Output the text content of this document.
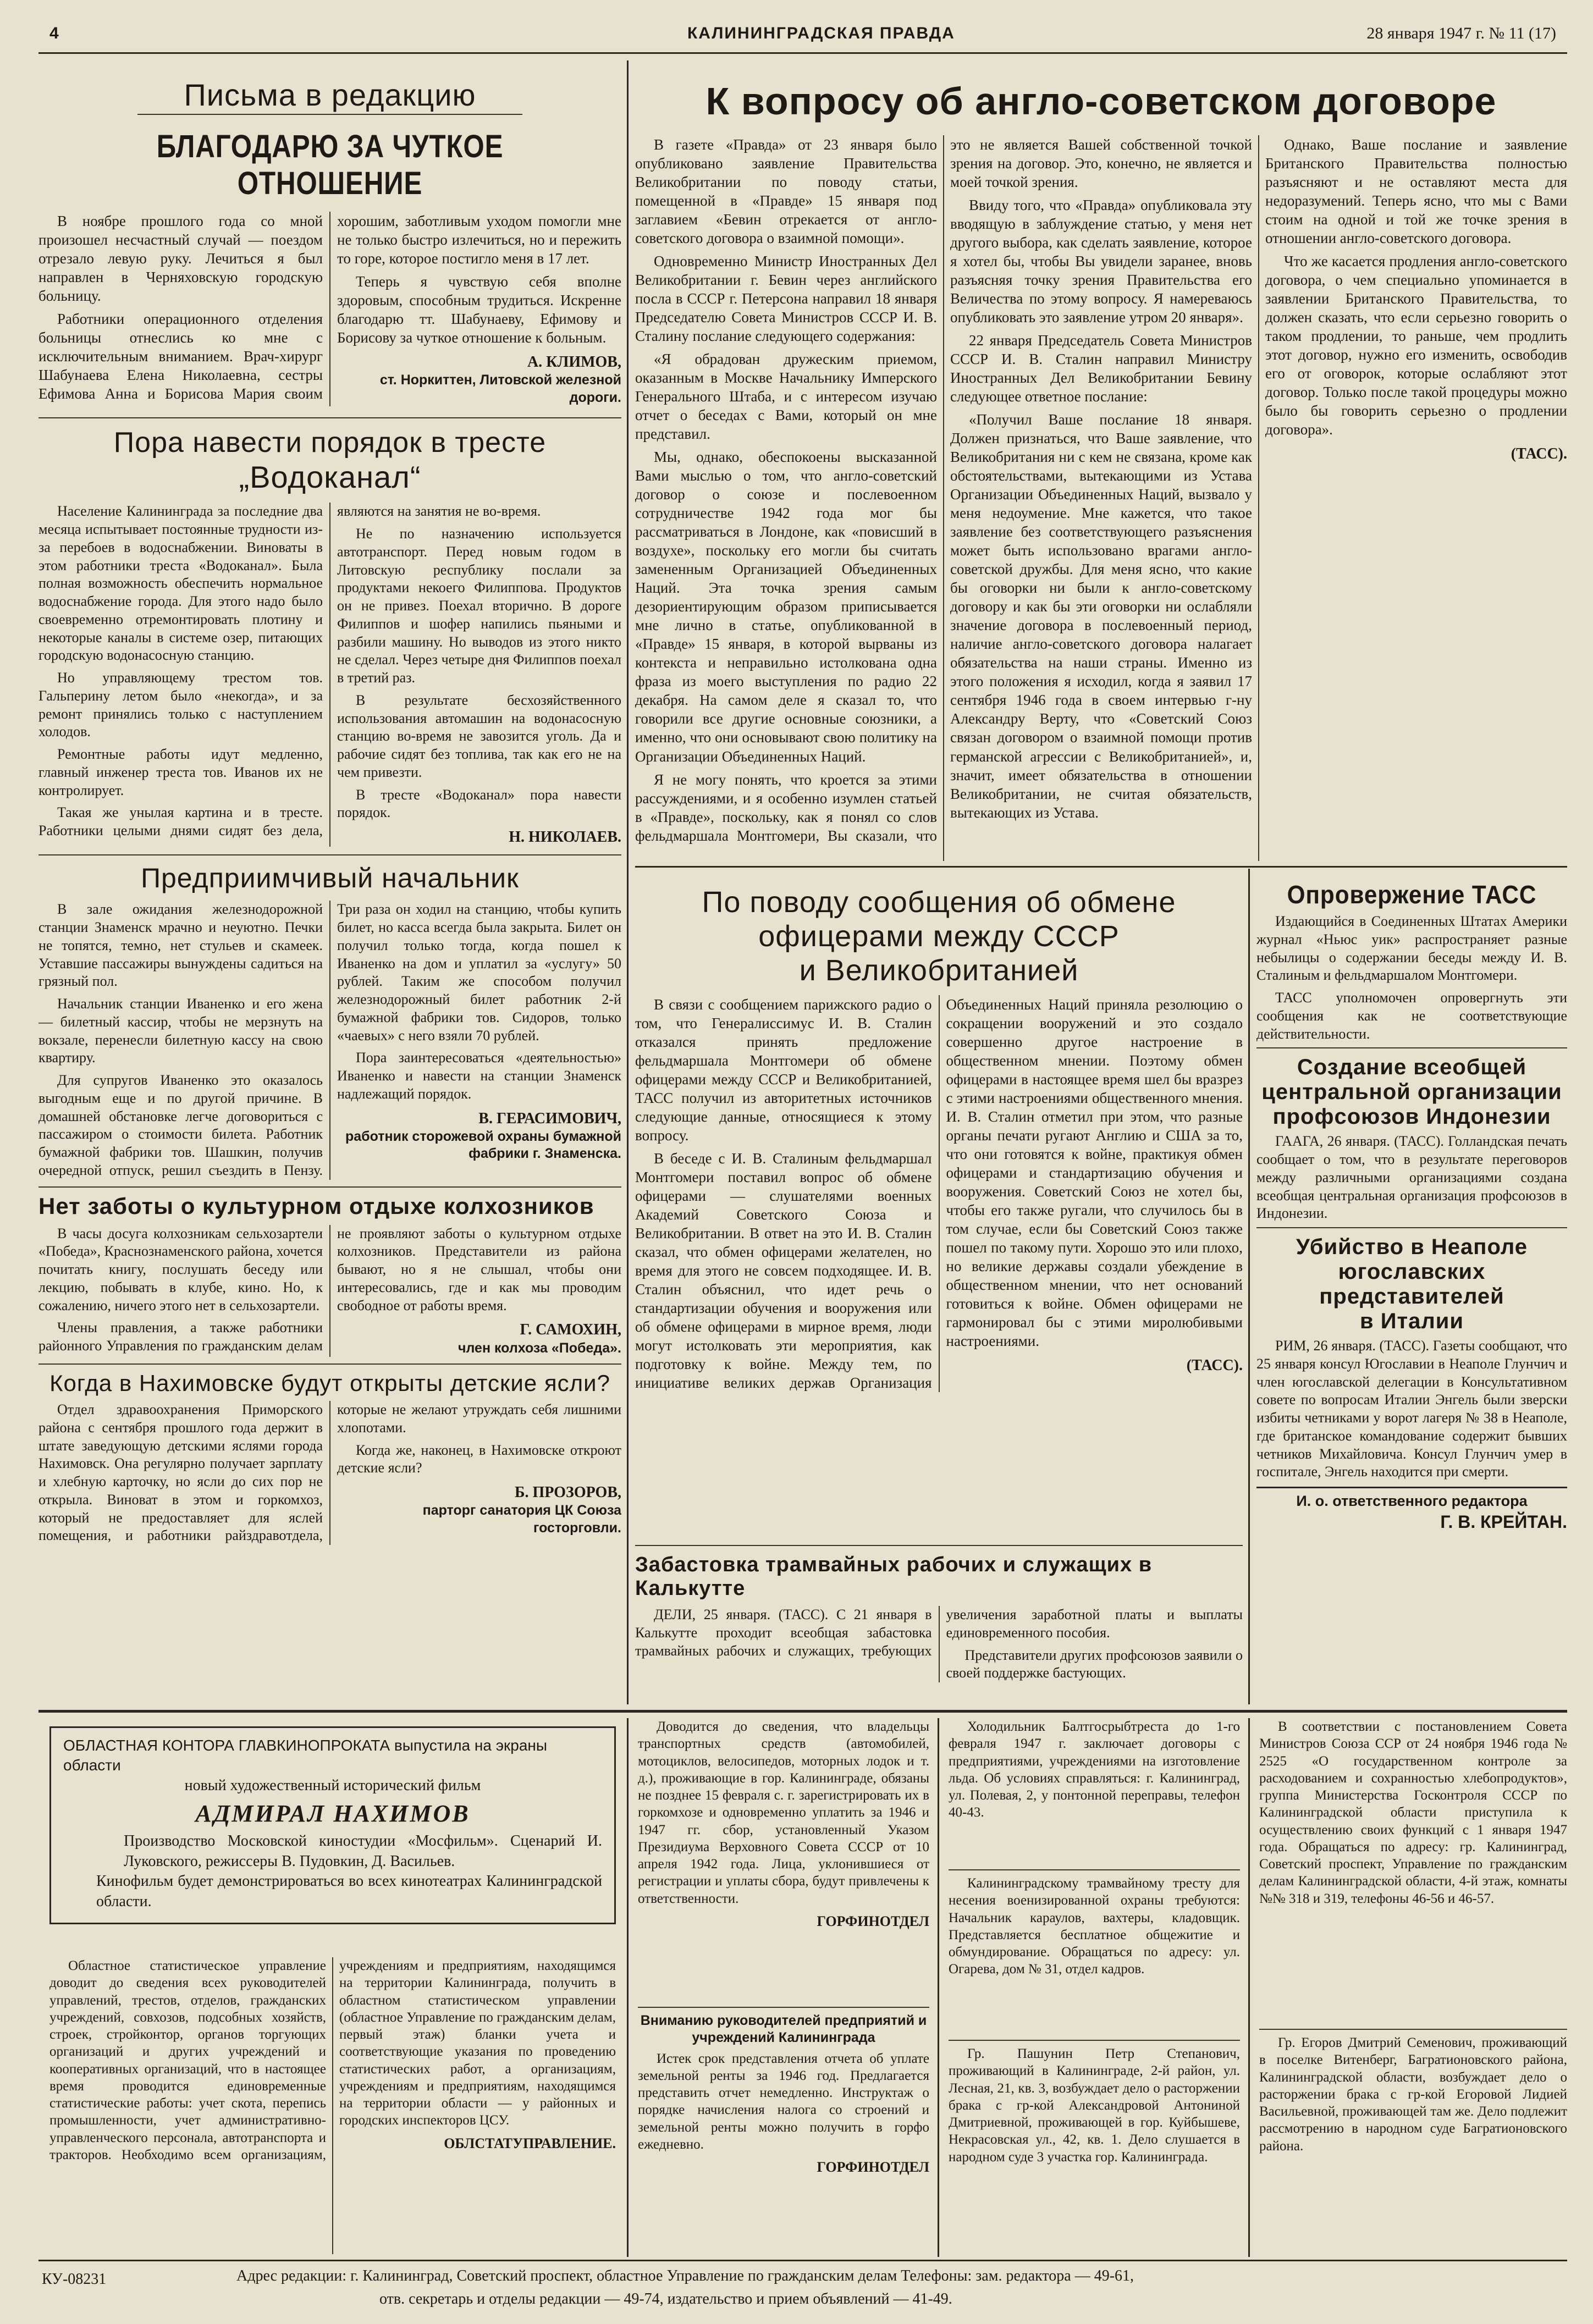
4	КАЛИНИНГРАДСКАЯ ПРАВДА	28 января 1947 г. № 11 (17)
Письма в редакцию
БЛАГОДАРЮ ЗА ЧУТКОЕ ОТНОШЕНИЕ

В ноябре прошлого года со мной произошел несчастный случай — поездом отрезало левую руку. Лечиться я был направлен в Черняховскую городскую больницу.

Работники операционного отделения больницы отнеслись ко мне с исключительным вниманием. Врач-хирург Шабунаева Елена Николаевна, сестры Ефимова Анна и Борисова Мария своим хорошим, заботливым уходом помогли мне не только быстро излечиться, но и пережить то горе, которое постигло меня в 17 лет.

Теперь я чувствую себя вполне здоровым, способным трудиться. Искренне благодарю тт. Шабунаеву, Ефимову и Борисову за чуткое отношение к больным.

А. КЛИМОВ,
ст. Норкиттен, Литовской железной дороги.
Пора навести порядок в тресте
„Водоканал“

Население Калининграда за последние два месяца испытывает постоянные трудности из-за перебоев в водоснабжении. Виноваты в этом работники треста «Водоканал». Была полная возможность обеспечить нормальное водоснабжение города. Для этого надо было своевременно отремонтировать плотину и некоторые каналы в системе озер, питающих городскую водонасосную станцию.

Но управляющему трестом тов. Гальперину летом было «некогда», и за ремонт принялись только с наступлением холодов.

Ремонтные работы идут медленно, главный инженер треста тов. Иванов их не контролирует.

Такая же унылая картина и в тресте. Работники целыми днями сидят без дела, являются на занятия не во-время.

Не по назначению используется автотранспорт. Перед новым годом в Литовскую республику послали за продуктами некоего Филиппова. Продуктов он не привез. Поехал вторично. В дороге Филиппов и шофер напились пьяными и разбили машину. Но выводов из этого никто не сделал. Через четыре дня Филиппов поехал в третий раз.

В результате бесхозяйственного использования автомашин на водонасосную станцию во-время не завозится уголь. Да и рабочие сидят без топлива, так как его не на чем привезти.

В тресте «Водоканал» пора навести порядок.

Н. НИКОЛАЕВ.
Предприимчивый начальник

В зале ожидания железнодорожной станции Знаменск мрачно и неуютно. Печки не топятся, темно, нет стульев и скамеек. Уставшие пассажиры вынуждены садиться на грязный пол.

Начальник станции Иваненко и его жена — билетный кассир, чтобы не мерзнуть на вокзале, перенесли билетную кассу на свою квартиру.

Для супругов Иваненко это оказалось выгодным еще и по другой причине. В домашней обстановке легче договориться с пассажиром о стоимости билета. Работник бумажной фабрики тов. Шашкин, получив очередной отпуск, решил съездить в Пензу. Три раза он ходил на станцию, чтобы купить билет, но касса всегда была закрыта. Билет он получил только тогда, когда пошел к Иваненко на дом и уплатил за «услугу» 50 рублей. Таким же способом получил железнодорожный билет работник 2-й бумажной фабрики тов. Сидоров, только «чаевых» с него взяли 70 рублей.

Пора заинтересоваться «деятельностью» Иваненко и навести на станции Знаменск надлежащий порядок.

В. ГЕРАСИМОВИЧ,
работник сторожевой охраны бумажной фабрики г. Знаменска.
Нет заботы о культурном отдыхе колхозников

В часы досуга колхозникам сельхозартели «Победа», Краснознаменского района, хочется почитать книгу, послушать беседу или лекцию, побывать в клубе, кино. Но, к сожалению, ничего этого нет в сельхозартели.

Члены правления, а также работники районного Управления по гражданским делам не проявляют заботы о культурном отдыхе колхозников. Представители из района бывают, но я не слышал, чтобы они интересовались, где и как мы проводим свободное от работы время.

Г. САМОХИН,
член колхоза «Победа».
Когда в Нахимовске будут открыты детские ясли?

Отдел здравоохранения Приморского района с сентября прошлого года держит в штате заведующую детскими яслями города Нахимовск. Она регулярно получает зарплату и хлебную карточку, но ясли до сих пор не открыла. Виноват в этом и горкомхоз, который не предоставляет для яслей помещения, и работники райздравотдела, которые не желают утруждать себя лишними хлопотами.

Когда же, наконец, в Нахимовске откроют детские ясли?

Б. ПРОЗОРОВ,
парторг санатория ЦК Союза госторговли.
К вопросу об англо-советском договоре

В газете «Правда» от 23 января было опубликовано заявление Правительства Великобритании по поводу статьи, помещенной в «Правде» 15 января под заглавием «Бевин отрекается от англо-советского договора о взаимной помощи».

Одновременно Министр Иностранных Дел Великобритании г. Бевин через английского посла в СССР г. Петерсона направил 18 января Председателю Совета Министров СССР И. В. Сталину послание следующего содержания:

«Я обрадован дружеским приемом, оказанным в Москве Начальнику Имперского Генерального Штаба, и с интересом изучаю отчет о беседах с Вами, который он мне представил.

Мы, однако, обеспокоены высказанной Вами мыслью о том, что англо-советский договор о союзе и послевоенном сотрудничестве 1942 года мог бы рассматриваться в Лондоне, как «повисший в воздухе», поскольку его могли бы считать замененным Организацией Объединенных Наций. Эта точка зрения самым дезориентирующим образом приписывается мне лично в статье, опубликованной в «Правде» 15 января, в которой вырваны из контекста и неправильно истолкована одна фраза из моего выступления по радио 22 декабря. На самом деле я сказал то, что говорили все другие основные союзники, а именно, что они основывают свою политику на Организации Объединенных Наций.

Я не могу понять, что кроется за этими рассуждениями, и я особенно изумлен статьей в «Правде», поскольку, как я понял со слов фельдмаршала Монтгомери, Вы сказали, что это не является Вашей собственной точкой зрения на договор. Это, конечно, не является и моей точкой зрения.

Ввиду того, что «Правда» опубликовала эту вводящую в заблуждение статью, у меня нет другого выбора, как сделать заявление, которое я хотел бы, чтобы Вы увидели заранее, вновь разъясняя точку зрения Правительства его Величества по этому вопросу. Я намереваюсь опубликовать это заявление утром 20 января».

22 января Председатель Совета Министров СССР И. В. Сталин направил Министру Иностранных Дел Великобритании Бевину следующее ответное послание:

«Получил Ваше послание 18 января. Должен признаться, что Ваше заявление, что Великобритания ни с кем не связана, кроме как обстоятельствами, вытекающими из Устава Организации Объединенных Наций, вызвало у меня недоумение. Мне кажется, что такое заявление без соответствующего разъяснения может быть использовано врагами англо-советской дружбы. Для меня ясно, что какие бы оговорки ни были к англо-советскому договору и как бы эти оговорки ни ослабляли значение договора в послевоенный период, наличие англо-советского договора налагает обязательства на наши страны. Именно из этого положения я исходил, когда я заявил 17 сентября 1946 года в своем интервью г-ну Александру Верту, что «Советский Союз связан договором о взаимной помощи против германской агрессии с Великобританией», и, значит, имеет обязательства в отношении Великобритании, не считая обязательств, вытекающих из Устава.

Однако, Ваше послание и заявление Британского Правительства полностью разъясняют и не оставляют места для недоразумений. Теперь ясно, что мы с Вами стоим на одной и той же точке зрения в отношении англо-советского договора.

Что же касается продления англо-советского договора, о чем специально упоминается в заявлении Британского Правительства, то должен сказать, что если серьезно говорить о таком продлении, то раньше, чем продлить этот договор, нужно его изменить, освободив его от оговорок, которые ослабляют этот договор. Только после такой процедуры можно было бы говорить серьезно о продлении договора».

(ТАСС).
По поводу сообщения об обмене
офицерами между СССР
и Великобританией

В связи с сообщением парижского радио о том, что Генералиссимус И. В. Сталин отказался принять предложение фельдмаршала Монтгомери об обмене офицерами между СССР и Великобританией, ТАСС получил из авторитетных источников следующие данные, относящиеся к этому вопросу.

В беседе с И. В. Сталиным фельдмаршал Монтгомери поставил вопрос об обмене офицерами — слушателями военных Академий Советского Союза и Великобритании. В ответ на это И. В. Сталин сказал, что обмен офицерами желателен, но время для этого не совсем подходящее. И. В. Сталин объяснил, что идет речь о стандартизации обучения и вооружения или об обмене офицерами в мирное время, люди могут истолковать эти мероприятия, как подготовку к войне. Между тем, по инициативе великих держав Организация Объединенных Наций приняла резолюцию о сокращении вооружений и это создало совершенно другое настроение в общественном мнении. Поэтому обмен офицерами в настоящее время шел бы вразрез с этими настроениями общественного мнения. И. В. Сталин отметил при этом, что разные органы печати ругают Англию и США за то, что они готовятся к войне, практикуя обмен офицерами и стандартизацию обучения и вооружения. Советский Союз не хотел бы, чтобы его также ругали, что случилось бы в том случае, если бы Советский Союз также пошел по такому пути. Хорошо это или плохо, но великие державы создали убеждение в общественном мнении, что нет оснований готовиться к войне. Обмен офицерами не гармонировал бы с этими миролюбивыми настроениями.

(ТАСС).
Забастовка трамвайных рабочих и служащих в Калькутте

ДЕЛИ, 25 января. (ТАСС). С 21 января в Калькутте проходит всеобщая забастовка трамвайных рабочих и служащих, требующих увеличения заработной платы и выплаты единовременного пособия.

Представители других профсоюзов заявили о своей поддержке бастующих.

Опровержение ТАСС

Издающийся в Соединенных Штатах Америки журнал «Ньюс уик» распространяет разные небылицы о содержании беседы между И. В. Сталиным и фельдмаршалом Монтгомери.

ТАСС уполномочен опровергнуть эти сообщения как не соответствующие действительности.

Создание всеобщей
центральной организации
профсоюзов Индонезии

ГААГА, 26 января. (ТАСС). Голландская печать сообщает о том, что в результате переговоров между различными организациями создана всеобщая центральная организация профсоюзов в Индонезии.

Убийство в Неаполе
югославских представителей
в Италии

РИМ, 26 января. (ТАСС). Газеты сообщают, что 25 января консул Югославии в Неаполе Глунчич и член югославской делегации в Консультативном совете по вопросам Италии Энгель были зверски избиты четниками у ворот лагеря № 38 в Неаполе, где британское командование содержит бывших четников Михайловича. Консул Глунчич умер в госпитале, Энгель находится при смерти.

И. о. ответственного редактора
Г. В. КРЕЙТАН.
ОБЛАСТНАЯ КОНТОРА ГЛАВКИНОПРОКАТА выпустила на экраны области
новый художественный исторический фильм
АДМИРАЛ НАХИМОВ
Производство Московской киностудии «Мосфильм». Сценарий И. Луковского, режиссеры В. Пудовкин, Д. Васильев.
Кинофильм будет демонстрироваться во всех кинотеатрах Калининградской области.

Областное статистическое управление доводит до сведения всех руководителей управлений, трестов, отделов, гражданских учреждений, совхозов, подсобных хозяйств, строек, стройконтор, органов торгующих организаций и других учреждений и кооперативных организаций, что в настоящее время проводится единовременные статистические работы: учет скота, перепись промышленности, учет административно-управленческого персонала, автотранспорта и тракторов. Необходимо всем организациям, учреждениям и предприятиям, находящимся на территории Калининграда, получить в областном статистическом управлении (областное Управление по гражданским делам, первый этаж) бланки учета и соответствующие указания по проведению статистических работ, а организациям, учреждениям и предприятиям, находящимся на территории области — у районных и городских инспекторов ЦСУ.

ОБЛСТАТУПРАВЛЕНИЕ.

Доводится до сведения, что владельцы транспортных средств (автомобилей, мотоциклов, велосипедов, моторных лодок и т. д.), проживающие в гор. Калининграде, обязаны не позднее 15 февраля с. г. зарегистрировать их в горкомхозе и одновременно уплатить за 1946 и 1947 гг. сбор, установленный Указом Президиума Верховного Совета СССР от 10 апреля 1942 года. Лица, уклонившиеся от регистрации и уплаты сбора, будут привлечены к ответственности.

ГОРФИНОТДЕЛ
Вниманию руководителей предприятий и учреждений Калининграда

Истек срок представления отчета об уплате земельной ренты за 1946 год. Предлагается представить отчет немедленно. Инструктаж о порядке начисления налога со строений и земельной ренты можно получить в горфо ежедневно.

ГОРФИНОТДЕЛ

Холодильник Балтгосрыбтреста до 1-го февраля 1947 г. заключает договоры с предприятиями, учреждениями на изготовление льда. Об условиях справляться: г. Калининград, ул. Полевая, 2, у понтонной переправы, телефон 40-43.

Калининградскому трамвайному тресту для несения военизированной охраны требуются: Начальник караулов, вахтеры, кладовщик. Представляется бесплатное общежитие и обмундирование. Обращаться по адресу: ул. Огарева, дом № 31, отдел кадров.

Гр. Пашунин Петр Степанович, проживающий в Калининграде, 2-й район, ул. Лесная, 21, кв. 3, возбуждает дело о расторжении брака с гр-кой Александровой Антониной Дмитриевной, проживающей в гор. Куйбышеве, Некрасовская ул., 42, кв. 1. Дело слушается в народном суде 3 участка гор. Калининграда.

В соответствии с постановлением Совета Министров Союза ССР от 24 ноября 1946 года № 2525 «О государственном контроле за расходованием и сохранностью хлебопродуктов», группа Министерства Госконтроля СССР по Калининградской области приступила к осуществлению своих функций с 1 января 1947 года. Обращаться по адресу: гр. Калининград, Советский проспект, Управление по гражданским делам Калининградской области, 4-й этаж, комнаты №№ 318 и 319, телефоны 46-56 и 46-57.

Гр. Егоров Дмитрий Семенович, проживающий в поселке Витенберг, Багратионовского района, Калининградской области, возбуждает дело о расторжении брака с гр-кой Егоровой Лидией Васильевной, проживающей там же. Дело подлежит рассмотрению в народном суде Багратионовского района.

КУ-08231	Адрес редакции: г. Калининград, Советский проспект, областное Управление по гражданским делам Телефоны: зам. редактора — 49-61,
отв. секретарь и отделы редакции — 49-74, издательство и прием объявлений — 41-49.
